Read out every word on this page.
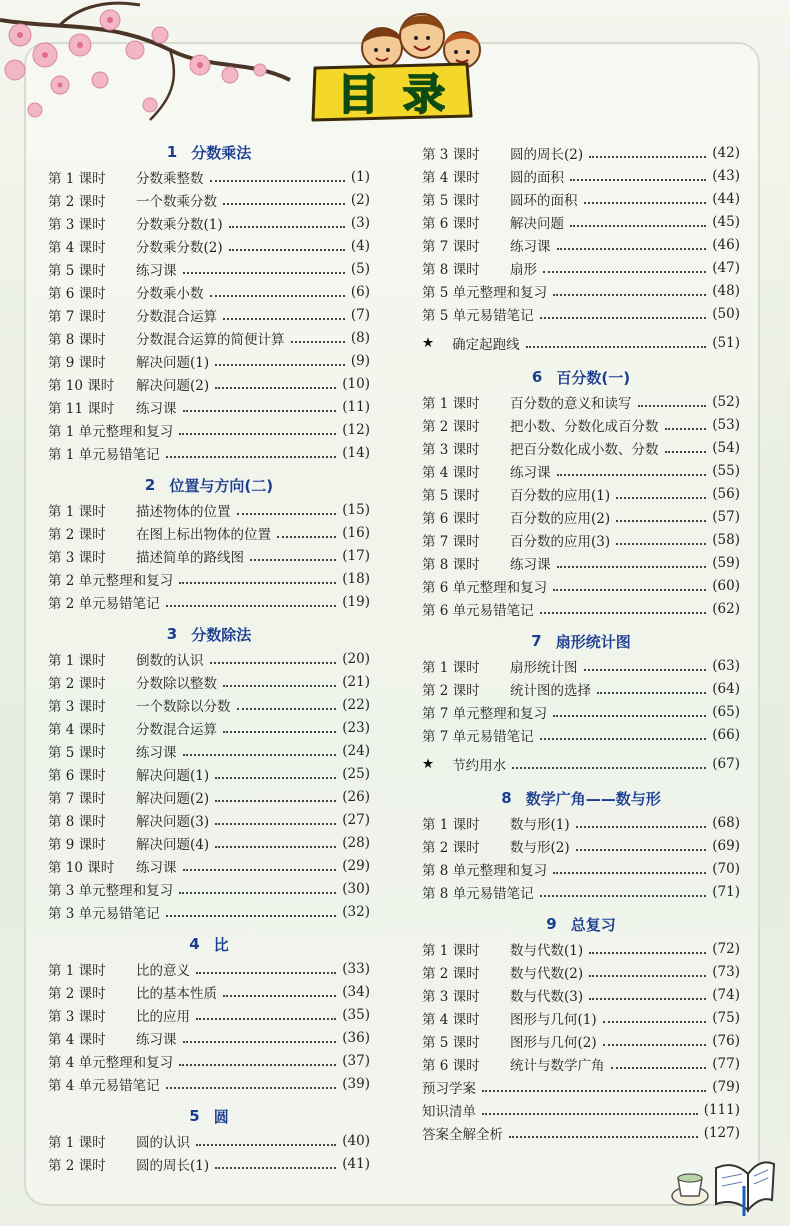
目录
1 分数乘法
第 1 课时	分数乘整数	(1)
第 2 课时	一个数乘分数	(2)
第 3 课时	分数乘分数(1)	(3)
第 4 课时	分数乘分数(2)	(4)
第 5 课时	练习课	(5)
第 6 课时	分数乘小数	(6)
第 7 课时	分数混合运算	(7)
第 8 课时	分数混合运算的简便计算	(8)
第 9 课时	解决问题(1)	(9)
第 10 课时	解决问题(2)	(10)
第 11 课时	练习课	(11)
第 1 单元整理和复习	(12)
第 1 单元易错笔记	(14)
2 位置与方向(二)
第 1 课时	描述物体的位置	(15)
第 2 课时	在图上标出物体的位置	(16)
第 3 课时	描述简单的路线图	(17)
第 2 单元整理和复习	(18)
第 2 单元易错笔记	(19)
3 分数除法
第 1 课时	倒数的认识	(20)
第 2 课时	分数除以整数	(21)
第 3 课时	一个数除以分数	(22)
第 4 课时	分数混合运算	(23)
第 5 课时	练习课	(24)
第 6 课时	解决问题(1)	(25)
第 7 课时	解决问题(2)	(26)
第 8 课时	解决问题(3)	(27)
第 9 课时	解决问题(4)	(28)
第 10 课时	练习课	(29)
第 3 单元整理和复习	(30)
第 3 单元易错笔记	(32)
4 比
第 1 课时	比的意义	(33)
第 2 课时	比的基本性质	(34)
第 3 课时	比的应用	(35)
第 4 课时	练习课	(36)
第 4 单元整理和复习	(37)
第 4 单元易错笔记	(39)
5 圆
第 1 课时	圆的认识	(40)
第 2 课时	圆的周长(1)	(41)
第 3 课时	圆的周长(2)	(42)
第 4 课时	圆的面积	(43)
第 5 课时	圆环的面积	(44)
第 6 课时	解决问题	(45)
第 7 课时	练习课	(46)
第 8 课时	扇形	(47)
第 5 单元整理和复习	(48)
第 5 单元易错笔记	(50)
★ 确定起跑线	(51)
6 百分数(一)
第 1 课时	百分数的意义和读写	(52)
第 2 课时	把小数、分数化成百分数	(53)
第 3 课时	把百分数化成小数、分数	(54)
第 4 课时	练习课	(55)
第 5 课时	百分数的应用(1)	(56)
第 6 课时	百分数的应用(2)	(57)
第 7 课时	百分数的应用(3)	(58)
第 8 课时	练习课	(59)
第 6 单元整理和复习	(60)
第 6 单元易错笔记	(62)
7 扇形统计图
第 1 课时	扇形统计图	(63)
第 2 课时	统计图的选择	(64)
第 7 单元整理和复习	(65)
第 7 单元易错笔记	(66)
★ 节约用水	(67)
8 数学广角——数与形
第 1 课时	数与形(1)	(68)
第 2 课时	数与形(2)	(69)
第 8 单元整理和复习	(70)
第 8 单元易错笔记	(71)
9 总复习
第 1 课时	数与代数(1)	(72)
第 2 课时	数与代数(2)	(73)
第 3 课时	数与代数(3)	(74)
第 4 课时	图形与几何(1)	(75)
第 5 课时	图形与几何(2)	(76)
第 6 课时	统计与数学广角	(77)
预习学案	(79)
知识清单	(111)
答案全解全析	(127)
